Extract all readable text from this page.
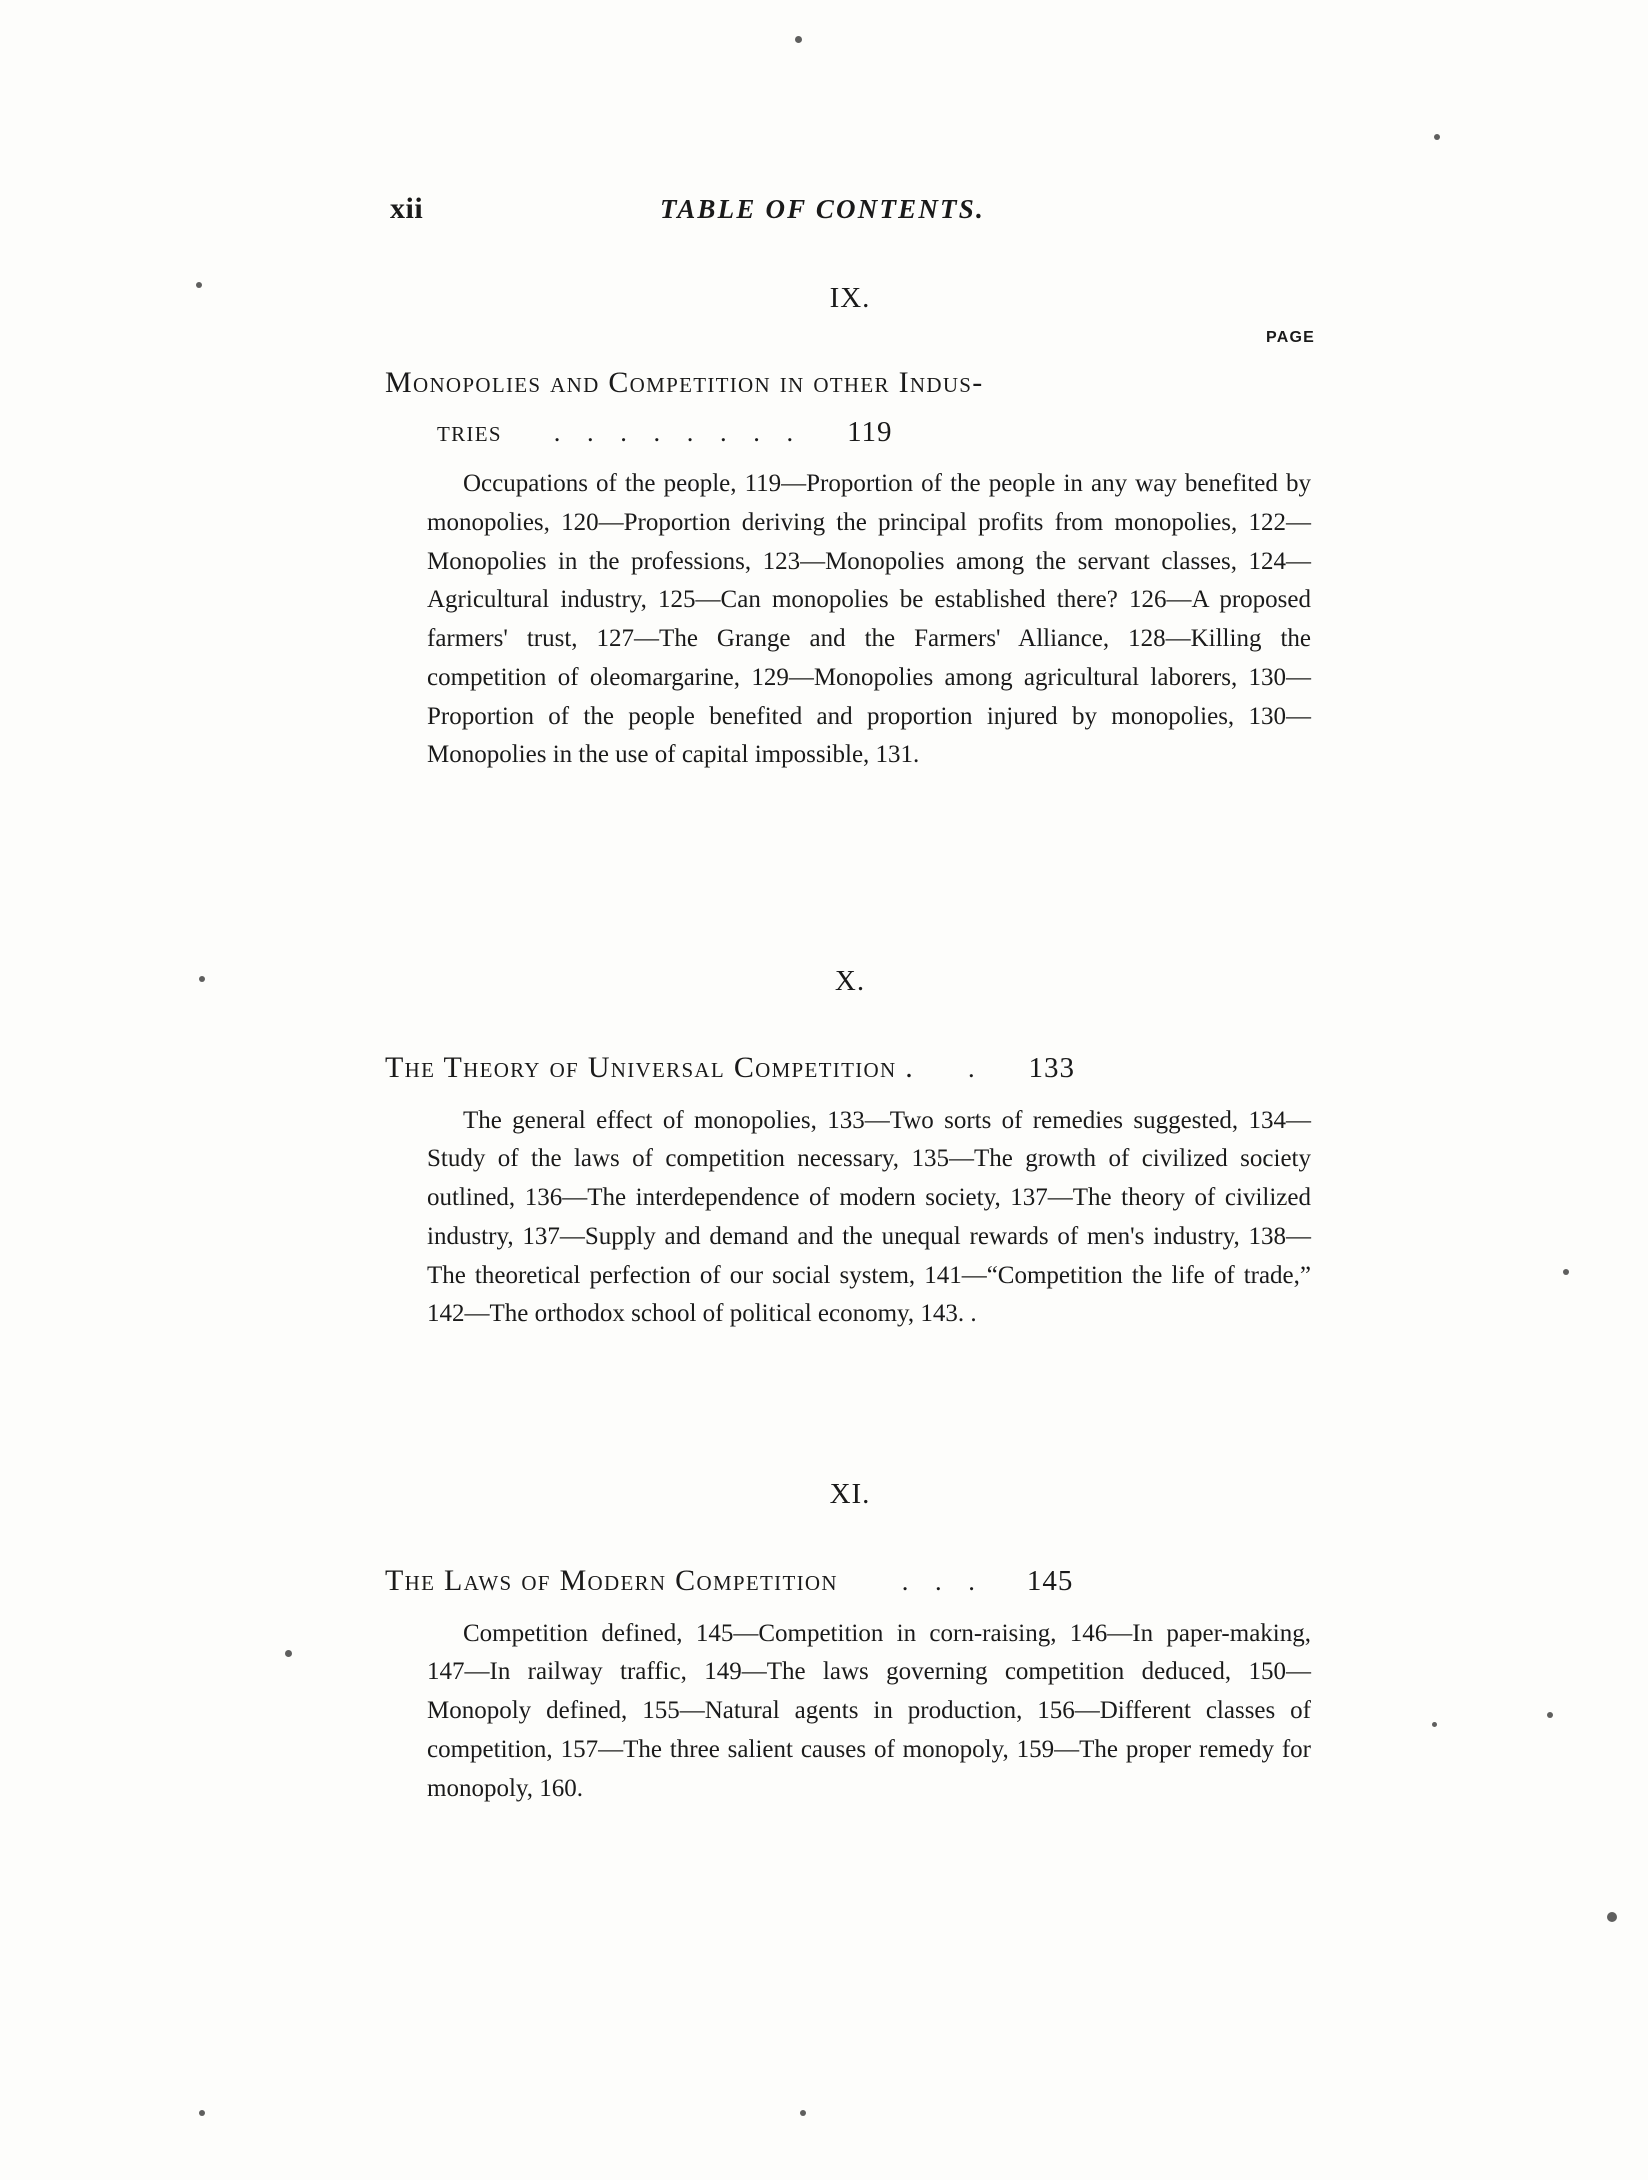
xii	TABLE OF CONTENTS.
IX.
PAGE
Monopolies and Competition in other Indus-
tries . . . . . . . . 119
Occupations of the people, 119—Proportion of the people in any way benefited by monopolies, 120—Proportion deriving the principal profits from monopolies, 122—Monopolies in the professions, 123—Monopolies among the servant classes, 124—Agricultural industry, 125—Can monopolies be established there? 126—A proposed farmers' trust, 127—The Grange and the Farmers' Alliance, 128—Killing the competition of oleomargarine, 129—Monopolies among agricultural laborers, 130—Proportion of the people benefited and proportion injured by monopolies, 130—Monopolies in the use of capital impossible, 131.
X.
The Theory of Universal Competition . . 133
The general effect of monopolies, 133—Two sorts of remedies suggested, 134—Study of the laws of competition necessary, 135—The growth of civilized society outlined, 136—The interdependence of modern society, 137—The theory of civilized industry, 137—Supply and demand and the unequal rewards of men's industry, 138—The theoretical perfection of our social system, 141—“Competition the life of trade,” 142—The orthodox school of political economy, 143. .
XI.
The Laws of Modern Competition . . . 145
Competition defined, 145—Competition in corn-raising, 146—In paper-making, 147—In railway traffic, 149—The laws governing competition deduced, 150—Monopoly defined, 155—Natural agents in production, 156—Different classes of competition, 157—The three salient causes of monopoly, 159—The proper remedy for monopoly, 160.
